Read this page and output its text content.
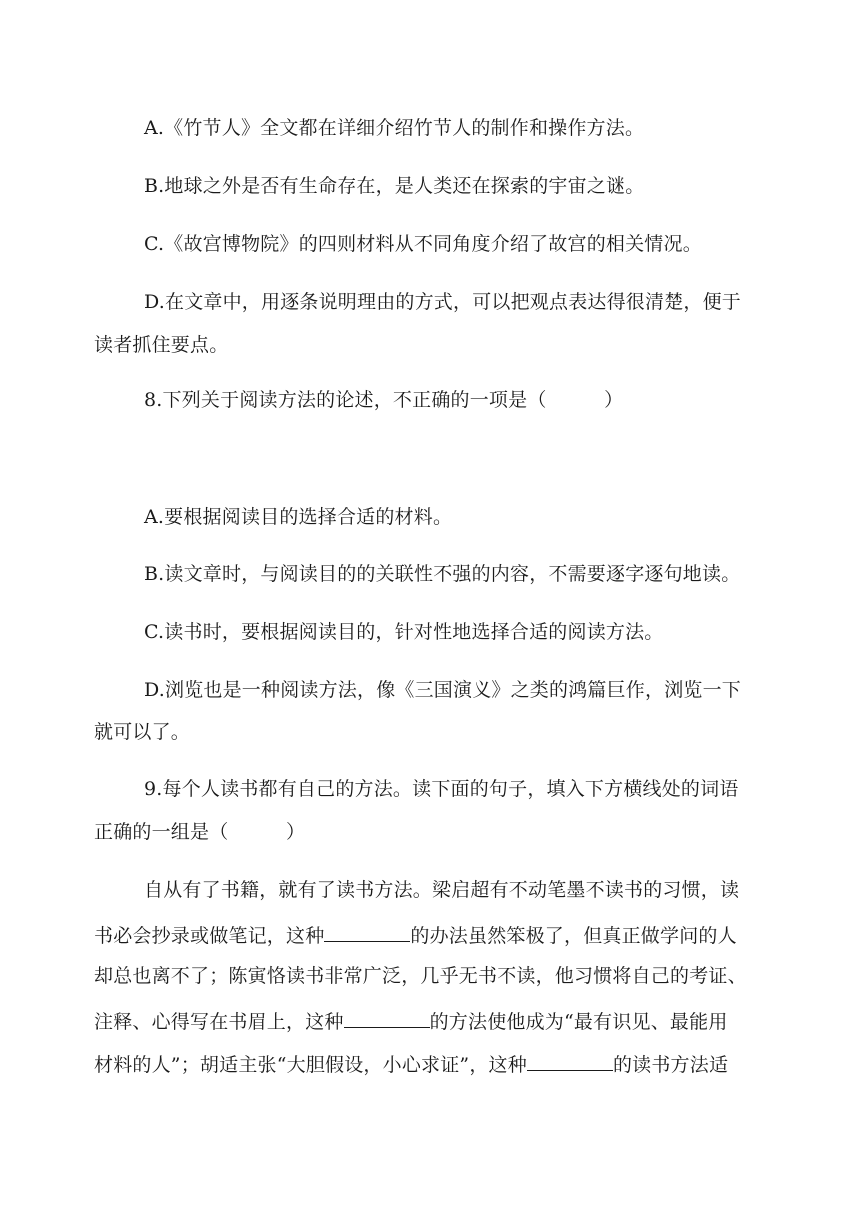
A.《竹节人》全文都在详细介绍竹节人的制作和操作方法。
B.地球之外是否有生命存在，是人类还在探索的宇宙之谜。
C.《故宫博物院》的四则材料从不同角度介绍了故宫的相关情况。
D.在文章中，用逐条说明理由的方式，可以把观点表达得很清楚，便于
读者抓住要点。
8.下列关于阅读方法的论述，不正确的一项是（　　　）
A.要根据阅读目的选择合适的材料。
B.读文章时，与阅读目的的关联性不强的内容，不需要逐字逐句地读。
C.读书时，要根据阅读目的，针对性地选择合适的阅读方法。
D.浏览也是一种阅读方法，像《三国演义》之类的鸿篇巨作，浏览一下
就可以了。
9.每个人读书都有自己的方法。读下面的句子，填入下方横线处的词语
正确的一组是（　　　）
自从有了书籍，就有了读书方法。梁启超有不动笔墨不读书的习惯，读
书必会抄录或做笔记，这种	的办法虽然笨极了，但真正做学问的人
却总也离不了；陈寅恪读书非常广泛，几乎无书不读，他习惯将自己的考证、
注释、心得写在书眉上，这种	的方法使他成为“最有识见、最能用
材料的人”；胡适主张“大胆假设，小心求证”，这种	的读书方法适
